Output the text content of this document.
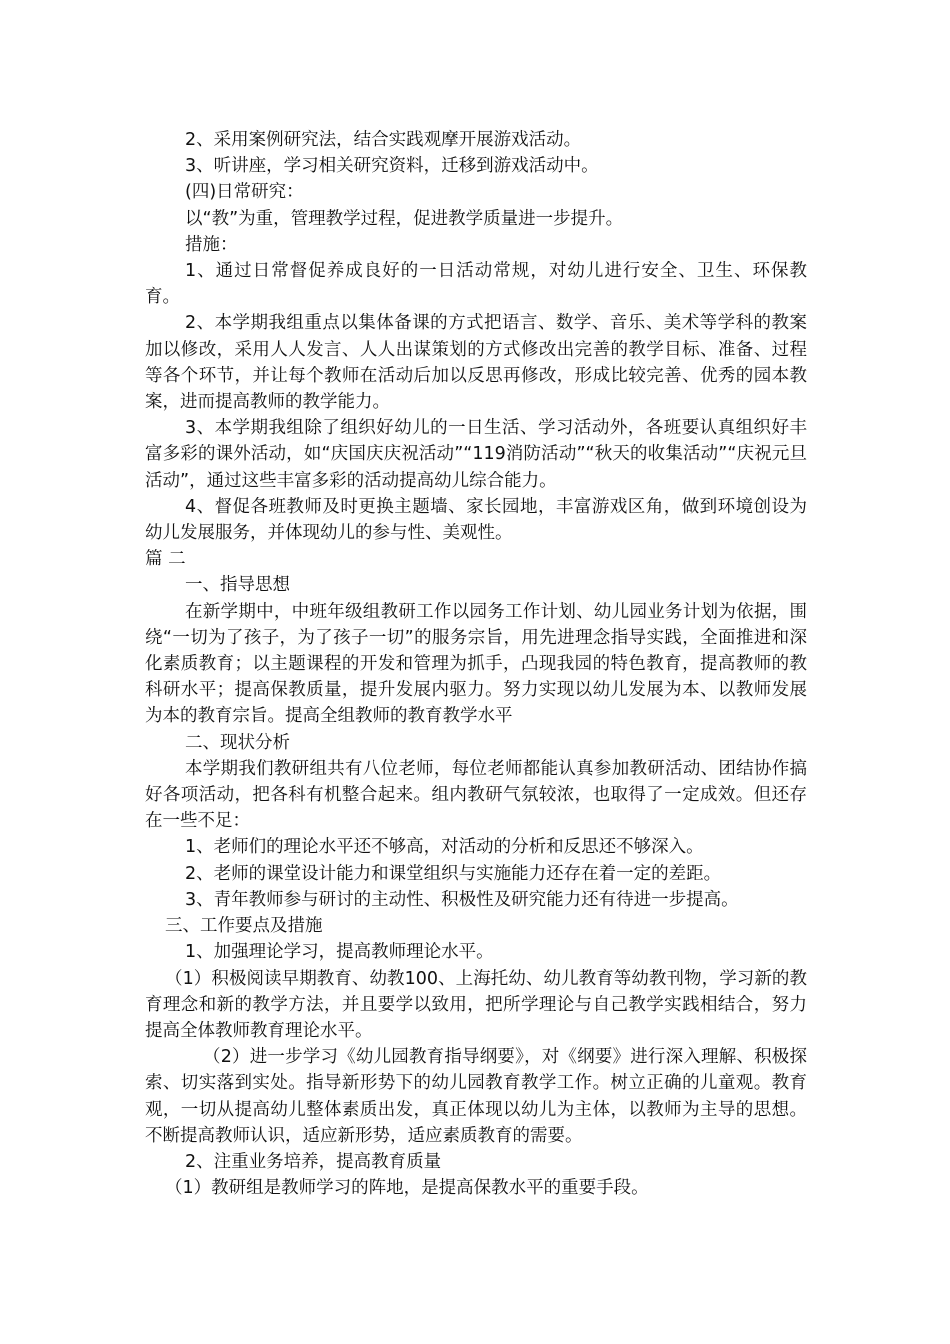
2、采用案例研究法，结合实践观摩开展游戏活动。

3、听讲座，学习相关研究资料，迁移到游戏活动中。

(四)日常研究：

以“教”为重，管理教学过程，促进教学质量进一步提升。

措施：

1、通过日常督促养成良好的一日活动常规，对幼儿进行安全、卫生、环保教育。

2、本学期我组重点以集体备课的方式把语言、数学、音乐、美术等学科的教案加以修改，采用人人发言、人人出谋策划的方式修改出完善的教学目标、准备、过程等各个环节，并让每个教师在活动后加以反思再修改，形成比较完善、优秀的园本教案，进而提高教师的教学能力。

3、本学期我组除了组织好幼儿的一日生活、学习活动外，各班要认真组织好丰富多彩的课外活动，如“庆国庆庆祝活动”“119消防活动”“秋天的收集活动”“庆祝元旦活动”，通过这些丰富多彩的活动提高幼儿综合能力。

4、督促各班教师及时更换主题墙、家长园地，丰富游戏区角，做到环境创设为幼儿发展服务，并体现幼儿的参与性、美观性。

篇 二

一、指导思想

在新学期中，中班年级组教研工作以园务工作计划、幼儿园业务计划为依据，围绕“一切为了孩子，为了孩子一切”的服务宗旨，用先进理念指导实践，全面推进和深化素质教育；以主题课程的开发和管理为抓手，凸现我园的特色教育，提高教师的教科研水平；提高保教质量，提升发展内驱力。努力实现以幼儿发展为本、以教师发展为本的教育宗旨。提高全组教师的教育教学水平

二、现状分析

本学期我们教研组共有八位老师，每位老师都能认真参加教研活动、团结协作搞好各项活动，把各科有机整合起来。组内教研气氛较浓，也取得了一定成效。但还存在一些不足：

1、老师们的理论水平还不够高，对活动的分析和反思还不够深入。

2、老师的课堂设计能力和课堂组织与实施能力还存在着一定的差距。

3、青年教师参与研讨的主动性、积极性及研究能力还有待进一步提高。

三、工作要点及措施

1、加强理论学习，提高教师理论水平。

（1）积极阅读早期教育、幼教100、上海托幼、幼儿教育等幼教刊物，学习新的教育理念和新的教学方法，并且要学以致用，把所学理论与自己教学实践相结合，努力提高全体教师教育理论水平。

（2）进一步学习《幼儿园教育指导纲要》，对《纲要》进行深入理解、积极探索、切实落到实处。指导新形势下的幼儿园教育教学工作。树立正确的儿童观。教育观，一切从提高幼儿整体素质出发，真正体现以幼儿为主体，以教师为主导的思想。不断提高教师认识，适应新形势，适应素质教育的需要。

2、注重业务培养，提高教育质量

（1）教研组是教师学习的阵地，是提高保教水平的重要手段。
